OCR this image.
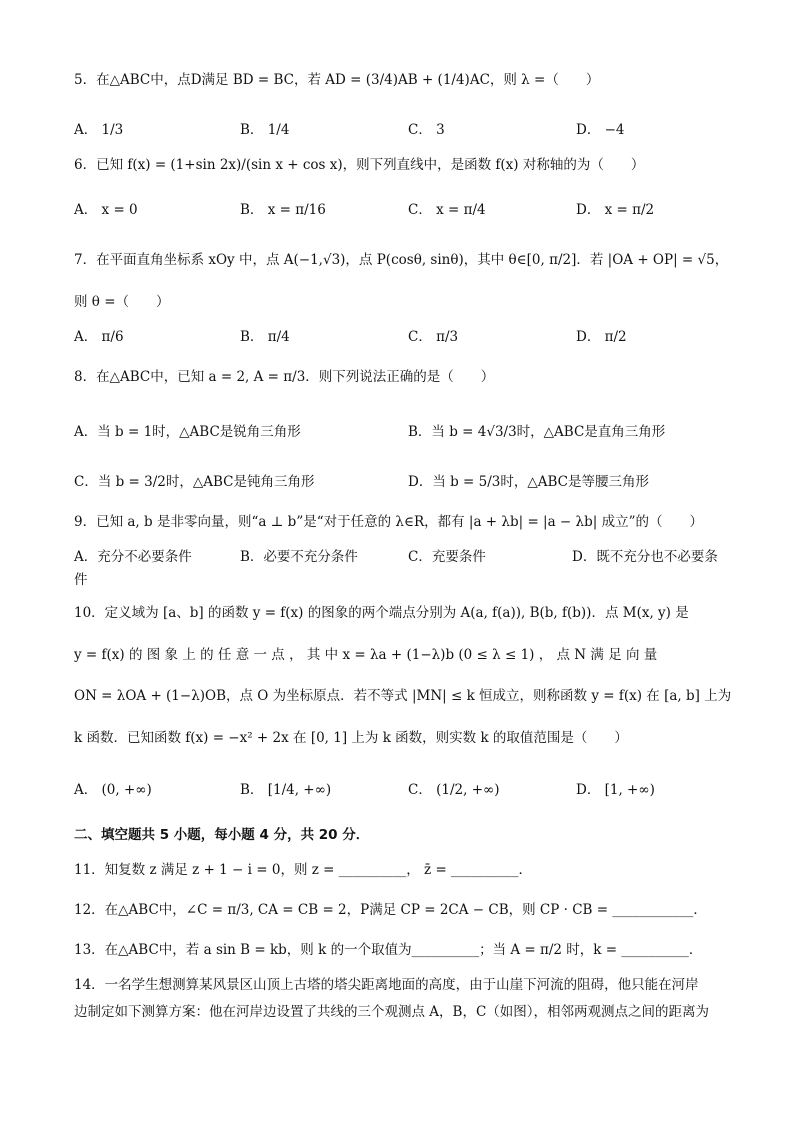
5．在△ABC中，点D满足 BD = BC，若 AD = (3/4)AB + (1/4)AC，则 λ =（　　）
A． 1/3	B． 1/4	C． 3	D． −4
6．已知 f(x) = (1+sin 2x)/(sin x + cos x)，则下列直线中，是函数 f(x) 对称轴的为（　　）
A． x = 0	B． x = π/16	C． x = π/4	D． x = π/2
7．在平面直角坐标系 xOy 中，点 A(−1,√3)，点 P(cosθ, sinθ)，其中 θ∈[0, π/2]．若 |OA + OP| = √5，
则 θ =（　　）
A． π/6	B． π/4	C． π/3	D． π/2
8．在△ABC中，已知 a = 2, A = π/3．则下列说法正确的是（　　）
A．当 b = 1时，△ABC是锐角三角形	B．当 b = 4√3/3时，△ABC是直角三角形
C．当 b = 3/2时，△ABC是钝角三角形	D．当 b = 5/3时，△ABC是等腰三角形
9．已知 a, b 是非零向量，则“a ⊥ b”是“对于任意的 λ∈R，都有 |a + λb| = |a − λb| 成立”的（　　）
A．充分不必要条件	B．必要不充分条件	C．充要条件	D．既不充分也不必要条
件
10．定义域为 [a、b] 的函数 y = f(x) 的图象的两个端点分别为 A(a, f(a)), B(b, f(b))．点 M(x, y) 是
y = f(x) 的 图 象 上 的 任 意 一 点 ， 其 中 x = λa + (1−λ)b (0 ≤ λ ≤ 1) ， 点 N 满 足 向 量
ON = λOA + (1−λ)OB，点 O 为坐标原点．若不等式 |MN| ≤ k 恒成立，则称函数 y = f(x) 在 [a, b] 上为
k 函数．已知函数 f(x) = −x² + 2x 在 [0, 1] 上为 k 函数，则实数 k 的取值范围是（　　）
A． (0, +∞)	B． [1/4, +∞)	C． (1/2, +∞)	D． [1, +∞)
二、填空题共 5 小题，每小题 4 分，共 20 分．
11．知复数 z 满足 z + 1 − i = 0，则 z = __________， z̄ = __________．
12．在△ABC中，∠C = π/3, CA = CB = 2，P满足 CP = 2CA − CB，则 CP · CB = ____________．
13．在△ABC中，若 a sin B = kb，则 k 的一个取值为__________；当 A = π/2 时，k = __________．
14．一名学生想测算某风景区山顶上古塔的塔尖距离地面的高度，由于山崖下河流的阻碍，他只能在河岸
边制定如下测算方案：他在河岸边设置了共线的三个观测点 A，B，C（如图），相邻两观测点之间的距离为
